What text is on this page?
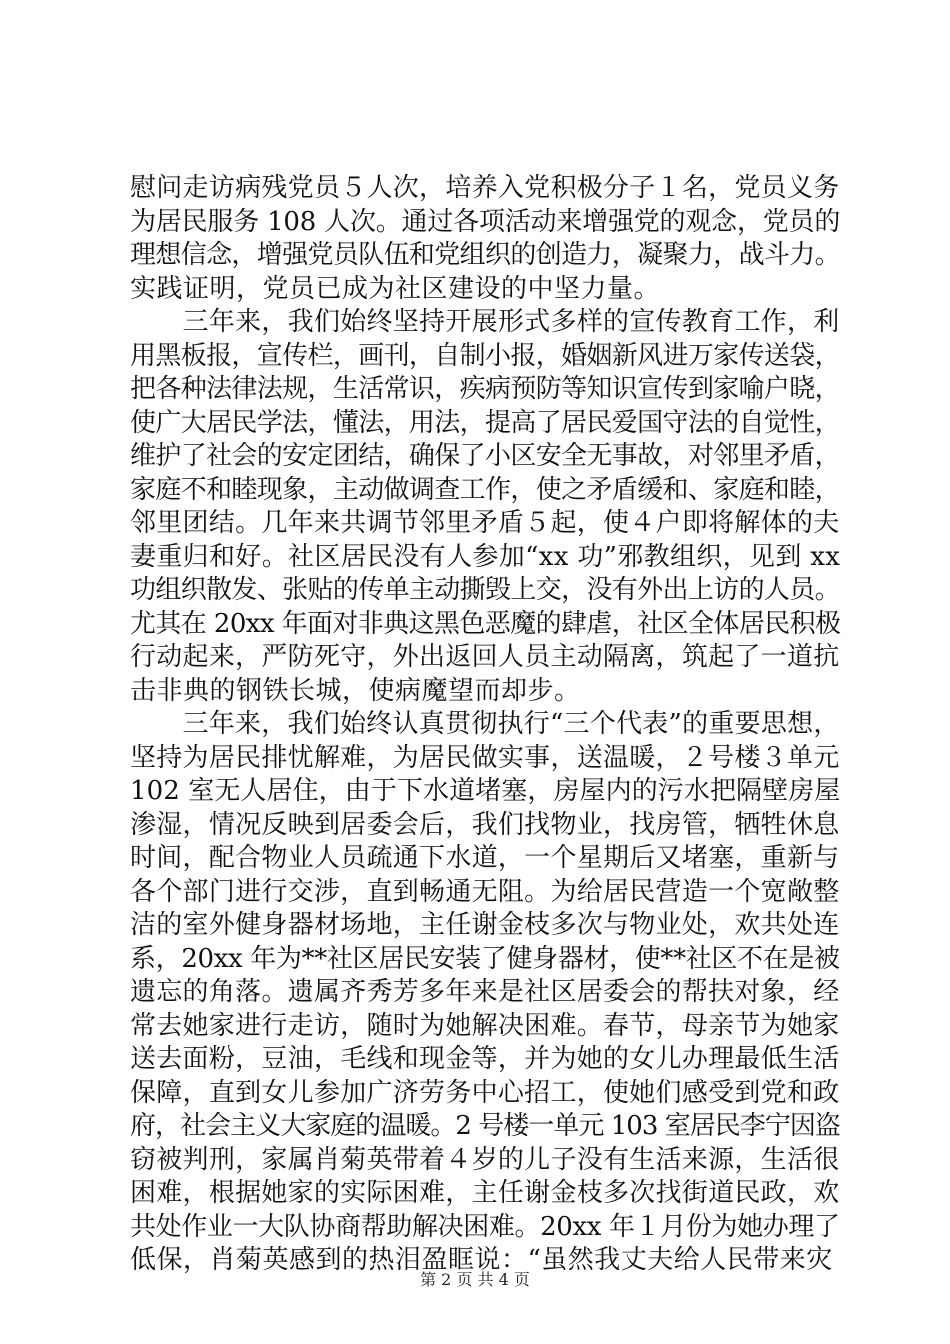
慰问走访病残党员５人次，培养入党积极分子１名，党员义务
为居民服务 108 人次。通过各项活动来增强党的观念，党员的
理想信念，增强党员队伍和党组织的创造力，凝聚力，战斗力。
实践证明，党员已成为社区建设的中坚力量。
　　三年来，我们始终坚持开展形式多样的宣传教育工作，利
用黑板报，宣传栏，画刊，自制小报，婚姻新风进万家传送袋，
把各种法律法规，生活常识，疾病预防等知识宣传到家喻户晓，
使广大居民学法，懂法，用法，提高了居民爱国守法的自觉性，
维护了社会的安定团结，确保了小区安全无事故，对邻里矛盾，
家庭不和睦现象，主动做调查工作，使之矛盾缓和、家庭和睦，
邻里团结。几年来共调节邻里矛盾５起，使４户即将解体的夫
妻重归和好。社区居民没有人参加“xx 功”邪教组织，见到 xx
功组织散发、张贴的传单主动撕毁上交，没有外出上访的人员。
尤其在 20xx 年面对非典这黑色恶魔的肆虐，社区全体居民积极
行动起来，严防死守，外出返回人员主动隔离，筑起了一道抗
击非典的钢铁长城，使病魔望而却步。
　　三年来，我们始终认真贯彻执行“三个代表”的重要思想，
坚持为居民排忧解难，为居民做实事，送温暖，２号楼３单元
102 室无人居住，由于下水道堵塞，房屋内的污水把隔壁房屋
渗湿，情况反映到居委会后，我们找物业，找房管，牺牲休息
时间，配合物业人员疏通下水道，一个星期后又堵塞，重新与
各个部门进行交涉，直到畅通无阻。为给居民营造一个宽敞整
洁的室外健身器材场地，主任谢金枝多次与物业处，欢共处连
系，20xx 年为**社区居民安装了健身器材，使**社区不在是被
遗忘的角落。遗属齐秀芳多年来是社区居委会的帮扶对象，经
常去她家进行走访，随时为她解决困难。春节，母亲节为她家
送去面粉，豆油，毛线和现金等，并为她的女儿办理最低生活
保障，直到女儿参加广济劳务中心招工，使她们感受到党和政
府，社会主义大家庭的温暖。2 号楼一单元 103 室居民李宁因盗
窃被判刑，家属肖菊英带着４岁的儿子没有生活来源，生活很
困难，根据她家的实际困难，主任谢金枝多次找街道民政，欢
共处作业一大队协商帮助解决困难。20xx 年１月份为她办理了
低保，肖菊英感到的热泪盈眶说：“虽然我丈夫给人民带来灾
第 2 页 共 4 页
